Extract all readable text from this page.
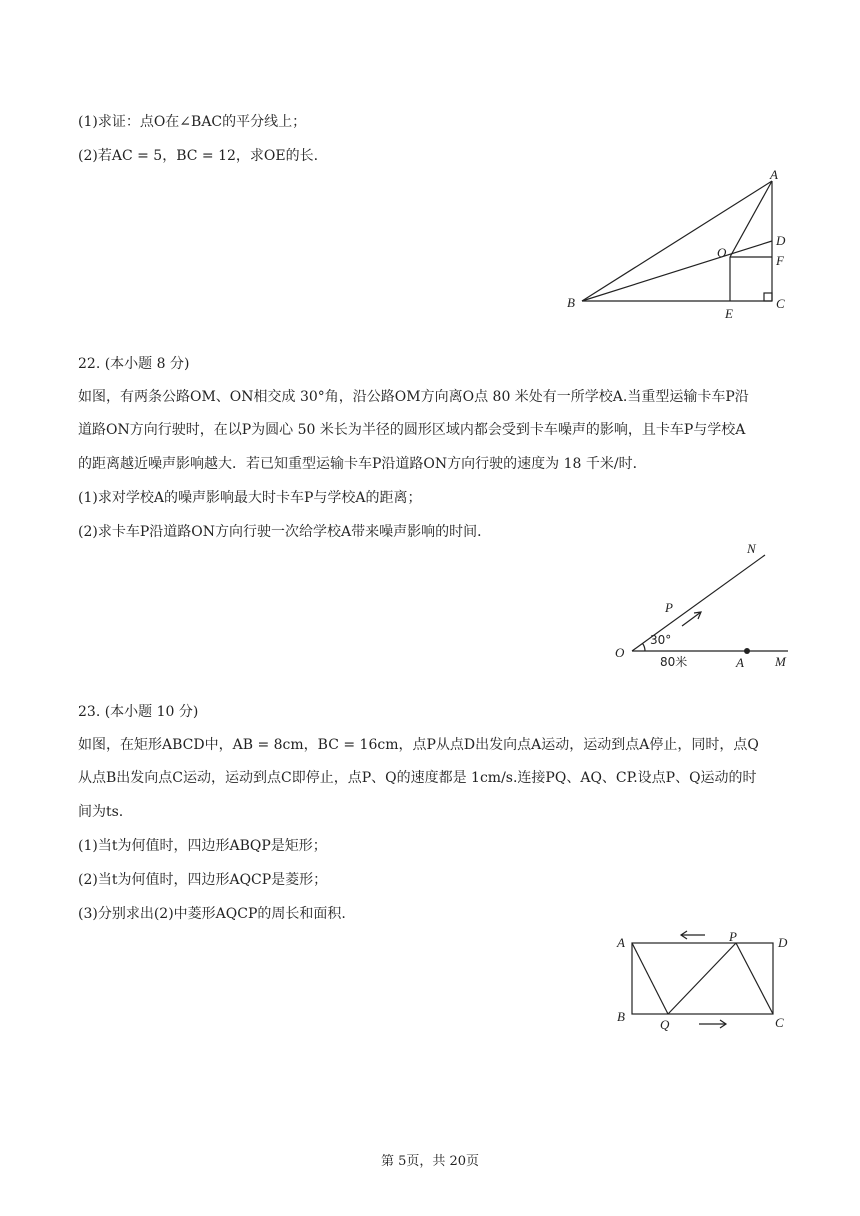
(1)求证：点O在∠BAC的平分线上；
(2)若AC = 5，BC = 12，求OE的长.
A
B	C
D
E
F
O
22. (本小题 8 分)
如图，有两条公路OM、ON相交成 30°角，沿公路OM方向离O点 80 米处有一所学校A.当重型运输卡车P沿
道路ON方向行驶时，在以P为圆心 50 米长为半径的圆形区域内都会受到卡车噪声的影响，且卡车P与学校A
的距离越近噪声影响越大．若已知重型运输卡车P沿道路ON方向行驶的速度为 18 千米/时．
(1)求对学校A的噪声影响最大时卡车P与学校A的距离；
(2)求卡车P沿道路ON方向行驶一次给学校A带来噪声影响的时间．
N
P
O
A M
30°
80米
23. (本小题 10 分)
如图，在矩形ABCD中，AB = 8cm，BC = 16cm，点P从点D出发向点A运动，运动到点A停止，同时，点Q
从点B出发向点C运动，运动到点C即停止，点P、Q的速度都是 1cm/s.连接PQ、AQ、CP.设点P、Q运动的时
间为ts.
(1)当t为何值时，四边形ABQP是矩形；
(2)当t为何值时，四边形AQCP是菱形；
(3)分别求出(2)中菱形AQCP的周长和面积.
A
B	C
D
P
Q
第 5页，共 20页
